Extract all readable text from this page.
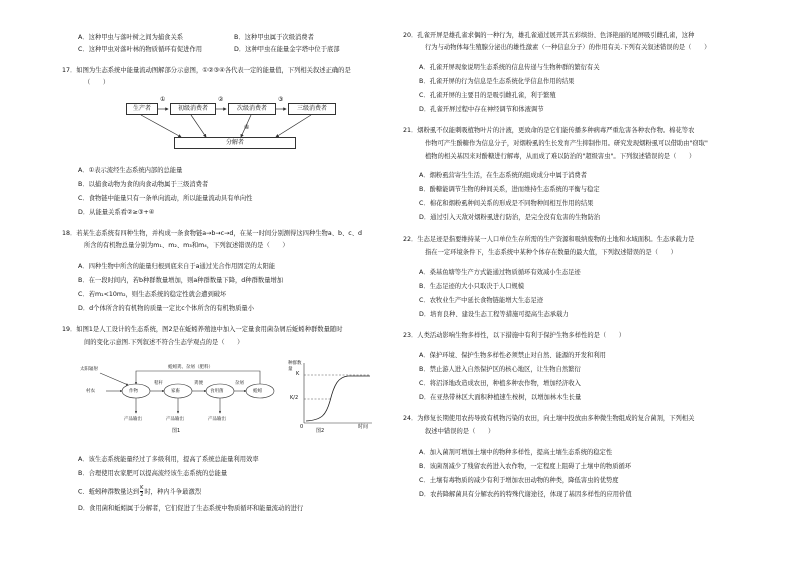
A．这种甲虫与落叶树之间为捕食关系	B．这种甲虫属于次级消费者
C．这种甲虫对落叶林的物质循环有促进作用	D．这种甲虫在能量金字塔中位于底部
17．如图为生态系统中能量流动图解部分示意图，①②③④各代表一定的能量值，下列相关叙述正确的是
（　　）
生产者	初级消费者	次级消费者	三级消费者
分解者
①	②	③
④
A．①表示流经生态系统内部的总能量
B．以捕食动物为食的肉食动物属于三级消费者
C．食物链中能量只有一条单向流动，所以能量流动具有单向性
D．从能量关系看②≥③+④
18．若某生态系统有四种生物，并构成一条食物链a→b→c→d，在某一时间分别测得这四种生物a、b、c、d
所含的有机物总量分别为m₁、m₂、m₃和m₄，下列叙述错误的是（　　）
A．四种生物中所含的能量归根到底来自于a通过光合作用固定的太阳能
B．在一段时间内，若b种群数量增加，则a种群数量下降，d种群数量增加
C．若m₁<10m₂，则生态系统的稳定性就会遭到破坏
D．d个体所含的有机物的质量一定比c个体所含的有机物质量小
19．如图1是人工设计的生态系统，图2是在蚯蚓养殖池中加入一定量食用菌杂屑后蚯蚓种群数量随时
间的变化示意图.下列叙述不符合生态学观点的是（　　）
太阳辐射
村农	作物	家畜	食用菌	蚯蚓
蚯蚓粪、杂屑（肥料）
秸秆	粪便	杂屑
产品输出	产品输出	产品输出
图1
种群数量
K
K/2
0	时间
图2
A．该生态系统能量经过了多级利用，提高了系统总能量利用效率
B．合理使用农家肥可以提高流经该生态系统的总能量
C．蚯蚓种群数量达到 $\frac{K}{2}$ 时，种内斗争最激烈
D．食用菌和蚯蚓属于分解者，它们促进了生态系统中物质循环和能量流动的进行
20．孔雀开屏是雄孔雀求偶的一种行为，雄孔雀通过展开其五彩缤纷、色泽艳丽的尾屏吸引雌孔雀，这种
行为与动物体每生殖腺分泌出的雄性激素（一种信息分子）的作用有关.下列有关叙述错误的是（　　）
A．孔雀开屏现象说明生态系统的信息传递与生物种群的繁衍有关
B．孔雀开屏的行为信息是生态系统化学信息作用的结果
C．孔雀开屏的主要目的是吸引雌孔雀，利于繁殖
D．孔雀开屏过程中存在神经调节和体液调节
21．烟粉虱不仅能刺吸植物叶片的汁液，更致命的是它们能传播多种病毒严重危害各种农作物。棉花等农
作物可产生酚糖作为信息分子，对烟粉虱的生长发育产生抑制作用。研究发现烟粉虱可以借助由"窃取"
植物的相关基因来对酚糖进行解毒，从而成了难以防治的"超级害虫"。下列叙述错误的是（　　）
A．烟粉虱营寄生生活，在生态系统的组成成分中属于消费者
B．酚糖能调节生物的种间关系，进而维持生态系统的平衡与稳定
C．棉花和烟粉虱种间关系的形成是不同物种间相互作用的结果
D．通过引入天敌对烟粉虱进行防治，是完全没有危害的生物防治
22．生态足迹是指要维持某一人口单位生存所需的生产资源和吸纳废物的土地和水域面积。生态承载力是
指在一定环境条件下，生态系统中某种个体存在数量的最大值，下列叙述错误的是（　　）
A．桑基鱼塘等生产方式能通过物质循环有效减小生态足迹
B．生态足迹的大小只取决于人口规模
C．农牧业生产中延长食物链能增大生态足迹
D．培育良种、建设生态工程等措施可提高生态承载力
23．人类活动影响生物多样性，以下措施中有利于保护生物多样性的是（　　）
A．保护环境、保护生物多样性必须禁止对自然、能源的开发和利用
B．禁止游人进入自然保护区的核心地区，让生物自然繁衍
C．将沼泽地改造成农田，种植多种农作物，增加经济收入
D．在亚热带林区大面积种植速生桉树，以增加林木生长量
24．为修复长期使用农药导致有机物污染的农田，向土壤中投放由多种微生物组成的复合菌剂，下列相关
叙述中错误的是（　　）
A．加入菌剂可增加土壤中的物种多样性，提高土壤生态系统的稳定性
B．该菌剂减少了残留农药进入农作物，一定程度上阻碍了土壤中的物质循环
C．土壤有毒物质的减少有利于增加农田动物的种类，降低害虫的优势度
D．农药降解菌具有分解农药的特殊代谢途径，体现了基因多样性的应用价值
